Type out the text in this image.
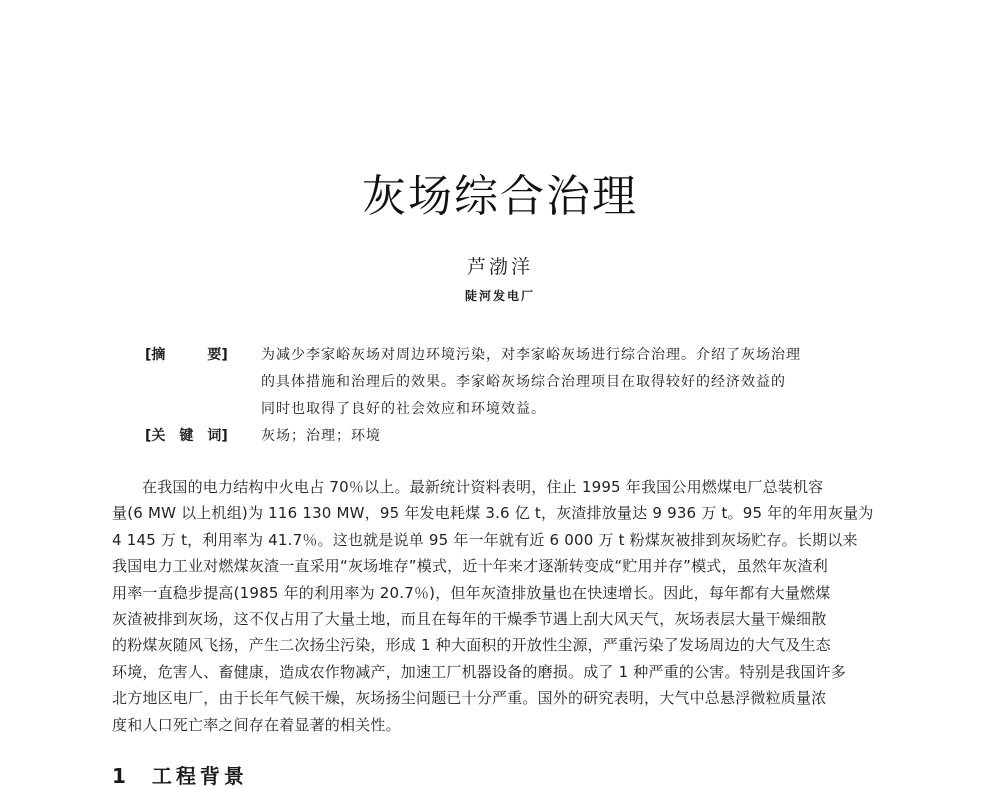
灰场综合治理
芦渤洋
陡河发电厂
[摘　　　要]	为减少李家峪灰场对周边环境污染，对李家峪灰场进行综合治理。介绍了灰场治理
的具体措施和治理后的效果。李家峪灰场综合治理项目在取得较好的经济效益的
同时也取得了良好的社会效应和环境效益。
[关　键　词]	灰场；治理；环境
在我国的电力结构中火电占 70％以上。最新统计资料表明，住止 1995 年我国公用燃煤电厂总装机容
量(6 MW 以上机组)为 116 130 MW，95 年发电耗煤 3.6 亿 t，灰渣排放量达 9 936 万 t。95 年的年用灰量为
4 145 万 t，利用率为 41.7％。这也就是说单 95 年一年就有近 6 000 万 t 粉煤灰被排到灰场贮存。长期以来
我国电力工业对燃煤灰渣一直采用“灰场堆存”模式，近十年来才逐渐转变成“贮用并存”模式，虽然年灰渣利
用率一直稳步提高(1985 年的利用率为 20.7％)，但年灰渣排放量也在快速增长。因此，每年都有大量燃煤
灰渣被排到灰场，这不仅占用了大量土地，而且在每年的干燥季节遇上刮大风天气，灰场表层大量干燥细散
的粉煤灰随风飞扬，产生二次扬尘污染，形成 1 种大面积的开放性尘源，严重污染了发场周边的大气及生态
环境，危害人、畜健康，造成农作物减产，加速工厂机器设备的磨损。成了 1 种严重的公害。特别是我国许多
北方地区电厂，由于长年气候干燥，灰场扬尘问题已十分严重。国外的研究表明，大气中总悬浮微粒质量浓
度和人口死亡率之间存在着显著的相关性。
1 工程背景
